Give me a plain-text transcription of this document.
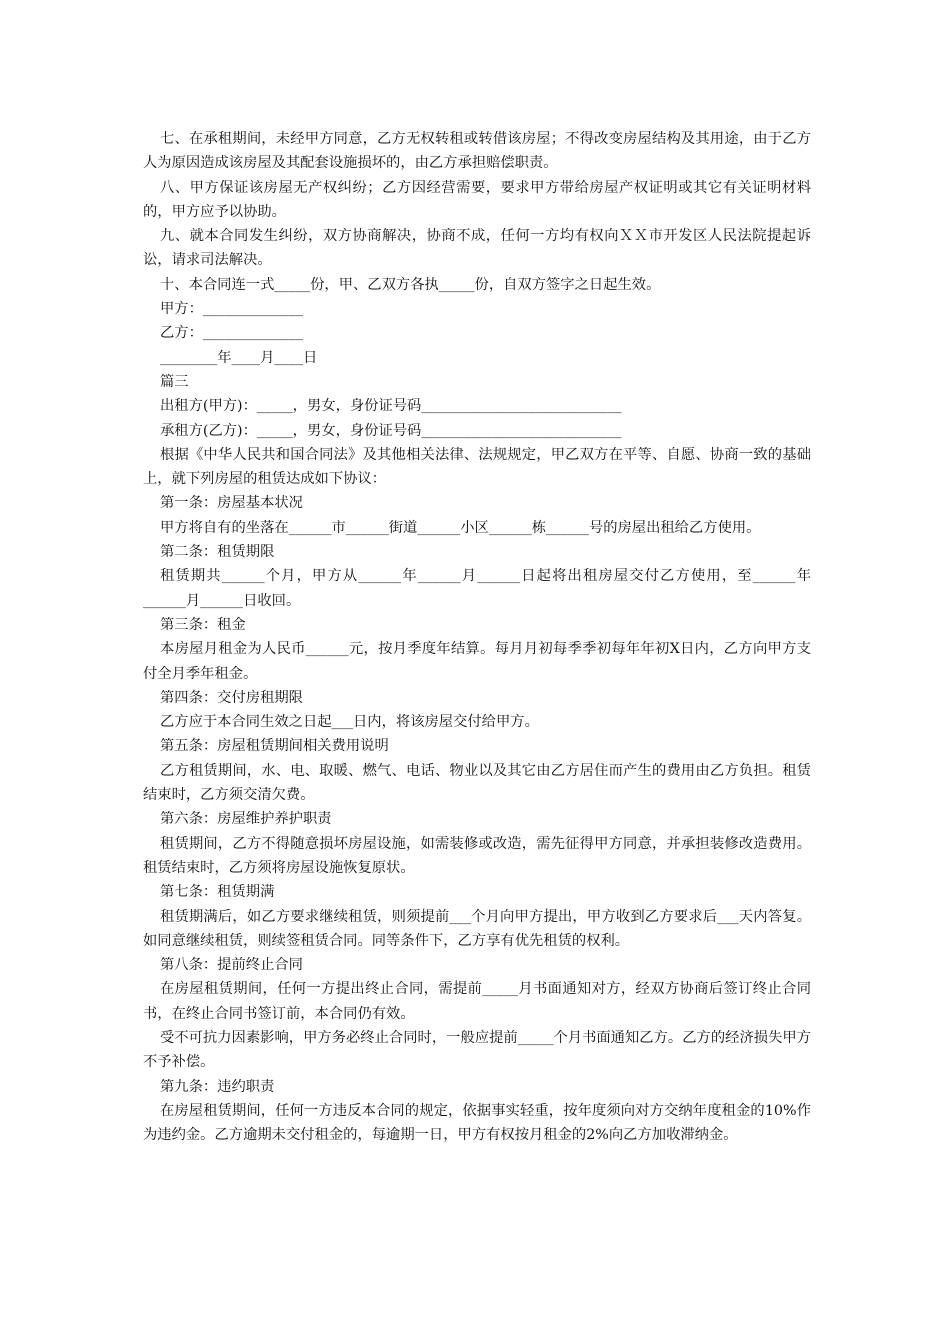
七、在承租期间，未经甲方同意，乙方无权转租或转借该房屋；不得改变房屋结构及其用途，由于乙方人为原因造成该房屋及其配套设施损坏的，由乙方承担赔偿职责。

八、甲方保证该房屋无产权纠纷；乙方因经营需要，要求甲方带给房屋产权证明或其它有关证明材料的，甲方应予以协助。

九、就本合同发生纠纷，双方协商解决，协商不成，任何一方均有权向ＸＸ市开发区人民法院提起诉讼，请求司法解决。

十、本合同连一式_____份，甲、乙双方各执_____份，自双方签字之日起生效。

甲方：______________

乙方：______________

________年____月____日

篇三

出租方(甲方)：_____，男女，身份证号码____________________________

承租方(乙方)：_____，男女，身份证号码____________________________

根据《中华人民共和国合同法》及其他相关法律、法规规定，甲乙双方在平等、自愿、协商一致的基础上，就下列房屋的租赁达成如下协议：

第一条：房屋基本状况

甲方将自有的坐落在______市______街道______小区______栋______号的房屋出租给乙方使用。

第二条：租赁期限

租赁期共______个月，甲方从______年______月______日起将出租房屋交付乙方使用，至______年______月______日收回。

第三条：租金

本房屋月租金为人民币______元，按月季度年结算。每月月初每季季初每年年初X日内，乙方向甲方支付全月季年租金。

第四条：交付房租期限

乙方应于本合同生效之日起___日内，将该房屋交付给甲方。

第五条：房屋租赁期间相关费用说明

乙方租赁期间，水、电、取暖、燃气、电话、物业以及其它由乙方居住而产生的费用由乙方负担。租赁结束时，乙方须交清欠费。

第六条：房屋维护养护职责

租赁期间，乙方不得随意损坏房屋设施，如需装修或改造，需先征得甲方同意，并承担装修改造费用。租赁结束时，乙方须将房屋设施恢复原状。

第七条：租赁期满

租赁期满后，如乙方要求继续租赁，则须提前___个月向甲方提出，甲方收到乙方要求后___天内答复。如同意继续租赁，则续签租赁合同。同等条件下，乙方享有优先租赁的权利。

第八条：提前终止合同

在房屋租赁期间，任何一方提出终止合同，需提前_____月书面通知对方，经双方协商后签订终止合同书，在终止合同书签订前，本合同仍有效。

受不可抗力因素影响，甲方务必终止合同时，一般应提前_____个月书面通知乙方。乙方的经济损失甲方不予补偿。

第九条：违约职责

在房屋租赁期间，任何一方违反本合同的规定，依据事实轻重，按年度须向对方交纳年度租金的10%作为违约金。乙方逾期未交付租金的，每逾期一日，甲方有权按月租金的2%向乙方加收滞纳金。
